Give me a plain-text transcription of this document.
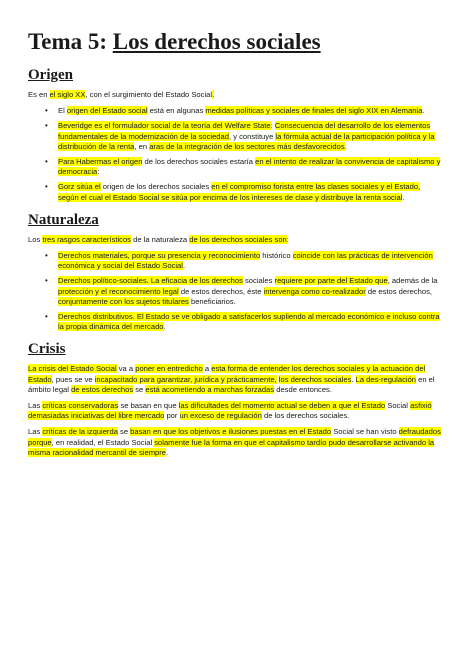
Tema 5: Los derechos sociales
Origen

Es en el siglo XX, con el surgimiento del Estado Social.

• El origen del Estado social está en algunas medidas políticas y sociales de finales del siglo XIX en Alemania.
• Beveridge es el formulador social de la teoría del Welfare State: Consecuencia del desarrollo de los elementos fundamentales de la modernización de la sociedad, y constituye la fórmula actual de la participación política y la distribución de la renta, en aras de la integración de los sectores más desfavorecidos.
• Para Habermas el origen de los derechos sociales estaría en el intento de realizar la convivencia de capitalismo y democracia:
• Gorz sitúa el origen de los derechos sociales en el compromiso forista entre las clases sociales y el Estado, según el cual el Estado Social se sitúa por encima de los intereses de clase y distribuye la renta social.
Naturaleza

Los tres rasgos característicos de la naturaleza de los derechos sociales son:

• Derechos materiales, porque su presencia y reconocimiento histórico coincide con las prácticas de intervención económica y social del Estado Social.
• Derechos político-sociales. La eficacia de los derechos sociales requiere por parte del Estado que, además de la protección y el reconocimiento legal de estos derechos, éste intervenga como co-realizador de estos derechos, conjuntamente con los sujetos titulares beneficiarios.
• Derechos distributivos. El Estado se ve obligado a satisfacerlos supliendo al mercado económico e incluso contra la propia dinámica del mercado.
Crisis

La crisis del Estado Social va a poner en entredicho a esta forma de entender los derechos sociales y la actuación del Estado, pues se ve incapacitado para garantizar, jurídica y prácticamente, los derechos sociales. La des-regulación en el ámbito legal de estos derechos se está acometiendo a marchas forzadas desde entonces.

Las críticas conservadoras se basan en que las dificultades del momento actual se deben a que el Estado Social asfixió demasiadas iniciativas del libre mercado por un exceso de regulación de los derechos sociales.

Las críticas de la izquierda se basan en que los objetivos e ilusiones puestas en el Estado Social se han visto defraudados porque, en realidad, el Estado Social solamente fue la forma en que el capitalismo tardío pudo desarrollarse activando la misma racionalidad mercantil de siempre.
